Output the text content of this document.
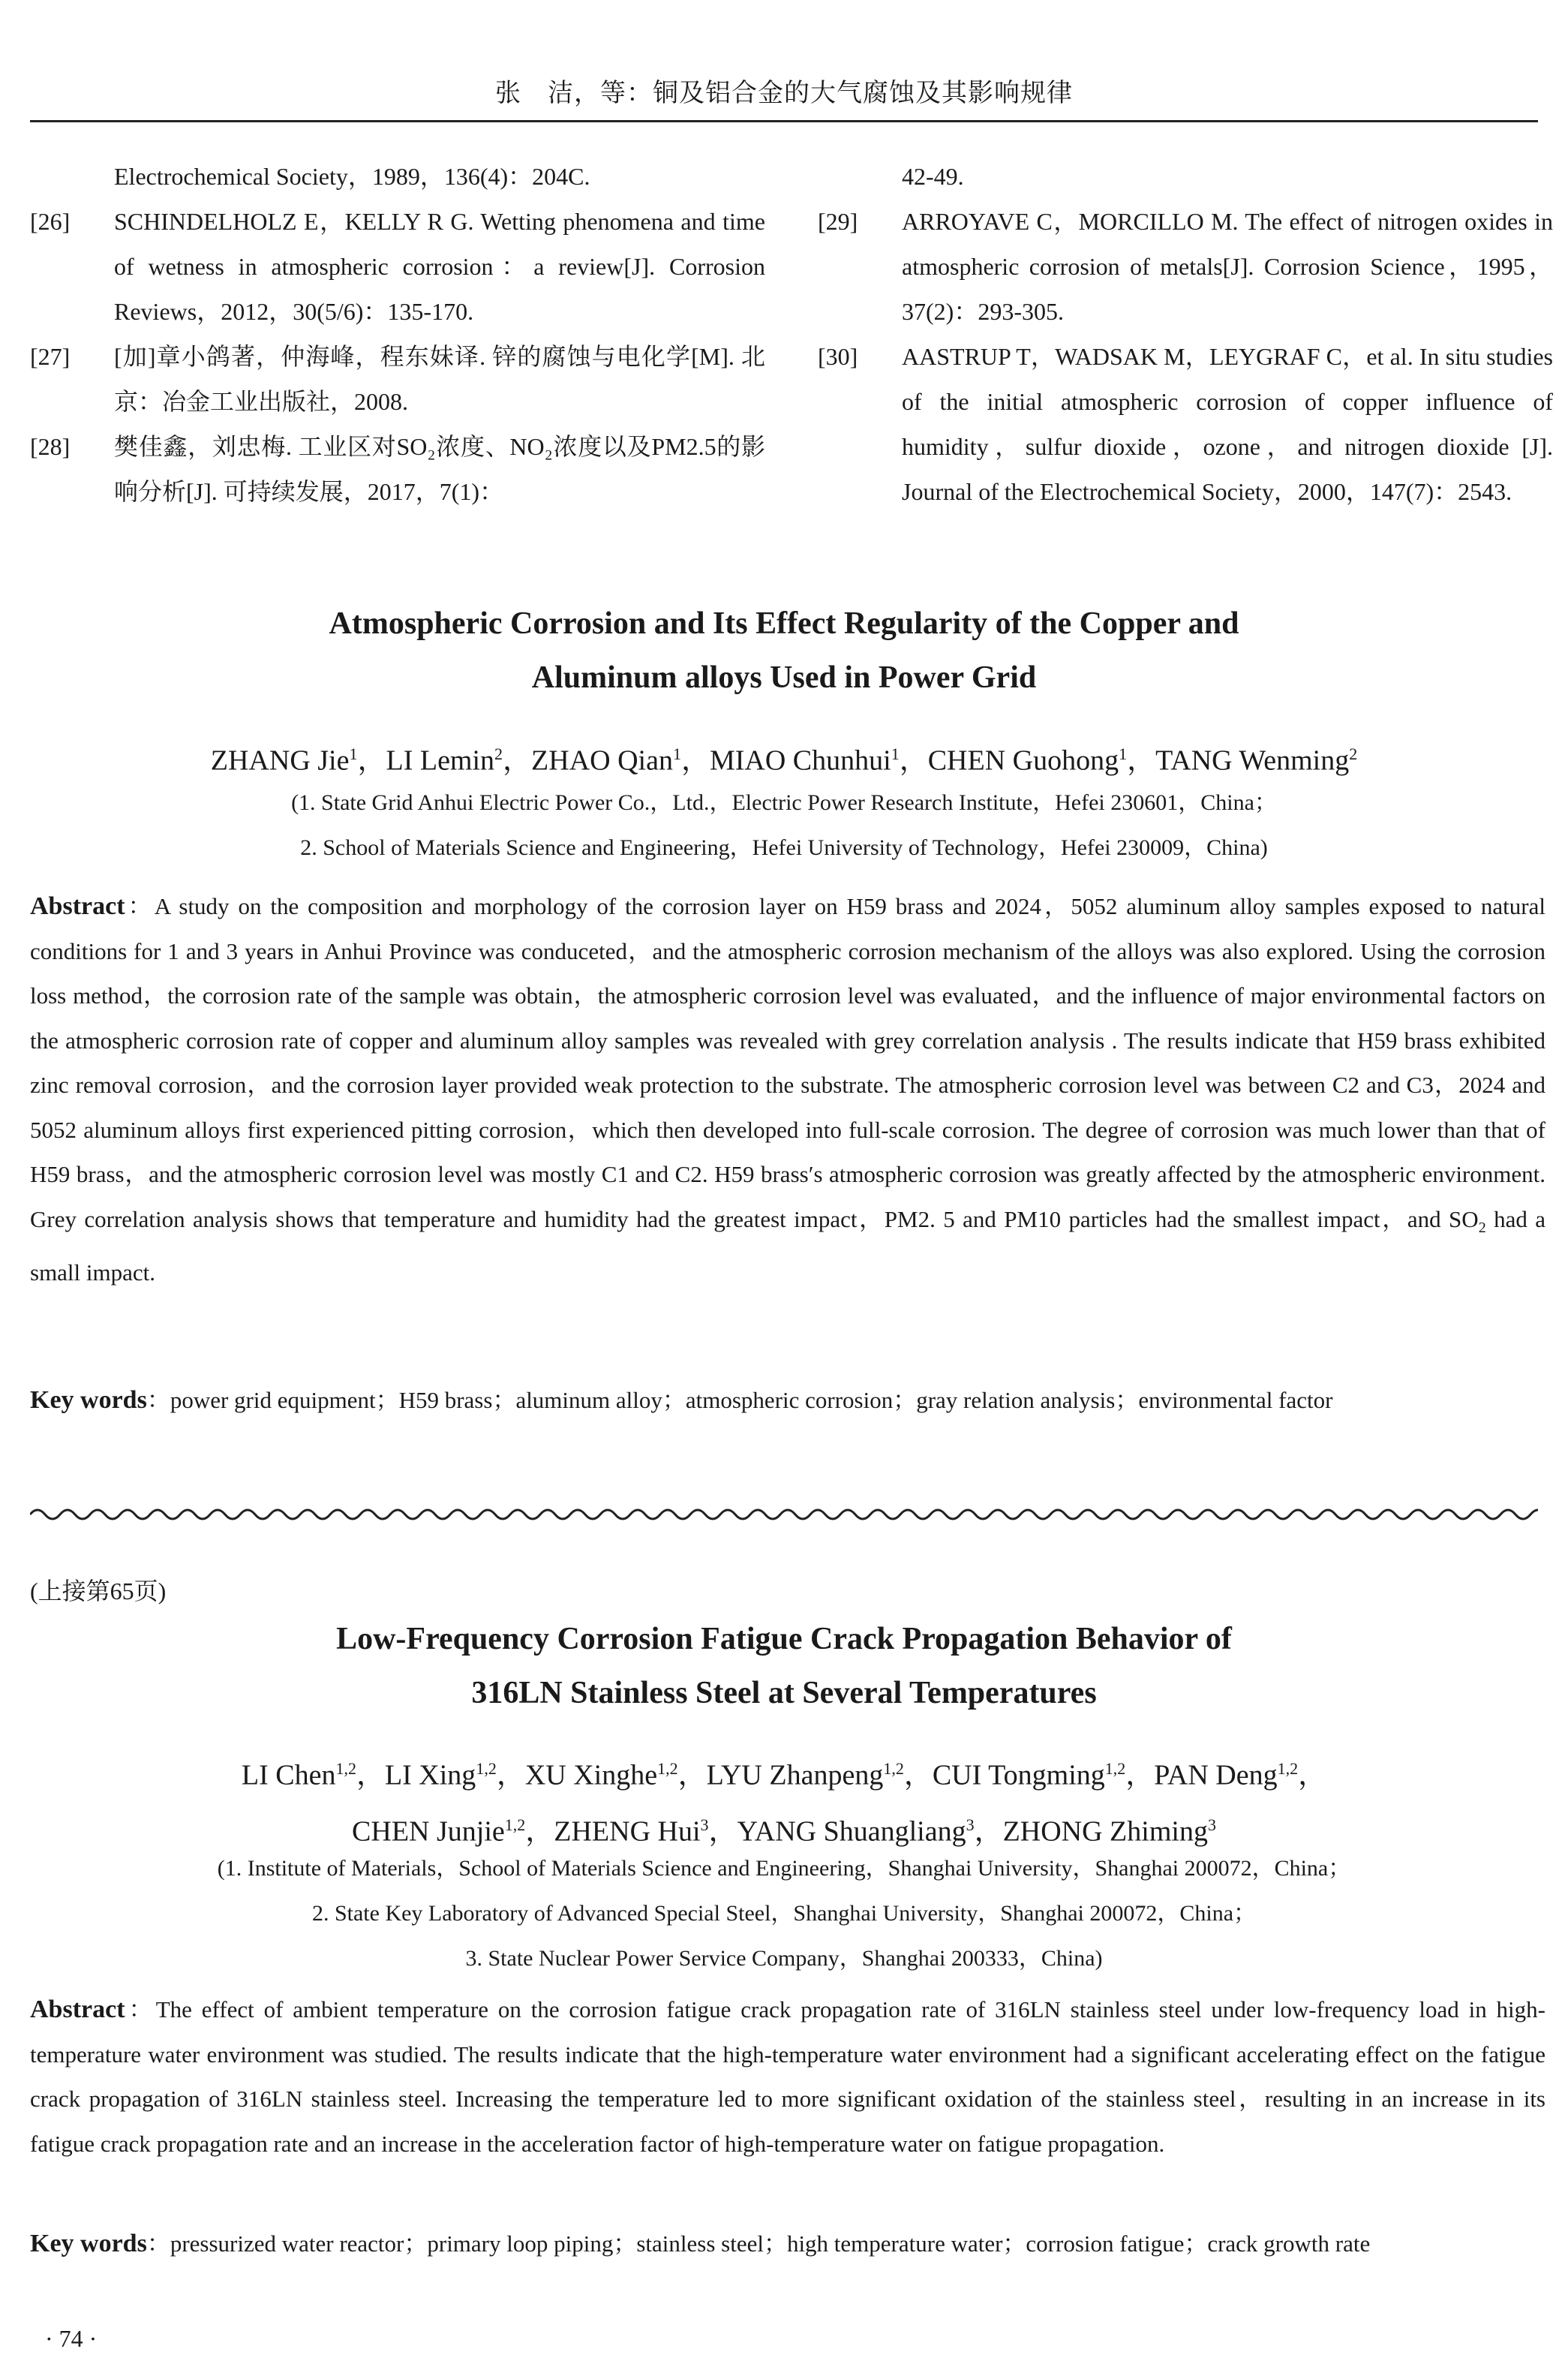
张　洁，等：铜及铝合金的大气腐蚀及其影响规律
Electrochemical Society，1989，136(4)：204C.
[26]	SCHINDELHOLZ E，KELLY R G. Wetting phenomena and time of wetness in atmospheric corrosion：a review[J]. Corrosion Reviews，2012，30(5/6)：135-170.
[27]	[加]章小鸽著，仲海峰，程东妹译. 锌的腐蚀与电化学[M]. 北京：冶金工业出版社，2008.
[28]	樊佳鑫，刘忠梅. 工业区对SO₂浓度、NO₂浓度以及PM2.5的影响分析[J]. 可持续发展，2017，7(1)：
42-49.
[29]	ARROYAVE C，MORCILLO M. The effect of nitrogen oxides in atmospheric corrosion of metals[J]. Corrosion Science，1995，37(2)：293-305.
[30]	AASTRUP T，WADSAK M，LEYGRAF C，et al. In situ studies of the initial atmospheric corrosion of copper influence of humidity，sulfur dioxide，ozone，and nitrogen dioxide [J]. Journal of the Electrochemical Society，2000，147(7)：2543.
Atmospheric Corrosion and Its Effect Regularity of the Copper and
Aluminum alloys Used in Power Grid
ZHANG Jie$^1$，LI Lemin$^2$，ZHAO Qian$^1$，MIAO Chunhui$^1$，CHEN Guohong$^1$，TANG Wenming$^2$
(1. State Grid Anhui Electric Power Co.，Ltd.，Electric Power Research Institute，Hefei 230601，China；
2. School of Materials Science and Engineering，Hefei University of Technology，Hefei 230009，China)
Abstract：A study on the composition and morphology of the corrosion layer on H59 brass and 2024，5052 aluminum alloy samples exposed to natural conditions for 1 and 3 years in Anhui Province was conduceted，and the atmospheric corrosion mechanism of the alloys was also explored. Using the corrosion loss method，the corrosion rate of the sample was obtain，the atmospheric corrosion level was evaluated，and the influence of major environmental factors on the atmospheric corrosion rate of copper and aluminum alloy samples was revealed with grey correlation analysis . The results indicate that H59 brass exhibited zinc removal corrosion，and the corrosion layer provided weak protection to the substrate. The atmospheric corrosion level was between C2 and C3，2024 and 5052 aluminum alloys first experienced pitting corrosion，which then developed into full-scale corrosion. The degree of corrosion was much lower than that of H59 brass，and the atmospheric corrosion level was mostly C1 and C2. H59 brass′s atmospheric corrosion was greatly affected by the atmospheric environment. Grey correlation analysis shows that temperature and humidity had the greatest impact，PM2. 5 and PM10 particles had the smallest impact，and $SO_2$ had a small impact.
Key words：power grid equipment；H59 brass；aluminum alloy；atmospheric corrosion；gray relation analysis；environmental factor
(上接第65页)
Low-Frequency Corrosion Fatigue Crack Propagation Behavior of
316LN Stainless Steel at Several Temperatures
LI Chen$^{1,2}$，LI Xing$^{1,2}$，XU Xinghe$^{1,2}$，LYU Zhanpeng$^{1,2}$，CUI Tongming$^{1,2}$，PAN Deng$^{1,2}$，
CHEN Junjie$^{1,2}$，ZHENG Hui$^3$，YANG Shuangliang$^3$，ZHONG Zhiming$^3$
(1. Institute of Materials，School of Materials Science and Engineering，Shanghai University，Shanghai 200072，China；
2. State Key Laboratory of Advanced Special Steel，Shanghai University，Shanghai 200072，China；
3. State Nuclear Power Service Company，Shanghai 200333，China)
Abstract：The effect of ambient temperature on the corrosion fatigue crack propagation rate of 316LN stainless steel under low-frequency load in high-temperature water environment was studied. The results indicate that the high-temperature water environment had a significant accelerating effect on the fatigue crack propagation of 316LN stainless steel. Increasing the temperature led to more significant oxidation of the stainless steel，resulting in an increase in its fatigue crack propagation rate and an increase in the acceleration factor of high-temperature water on fatigue propagation.
Key words：pressurized water reactor；primary loop piping；stainless steel；high temperature water；corrosion fatigue；crack growth rate
· 74 ·
